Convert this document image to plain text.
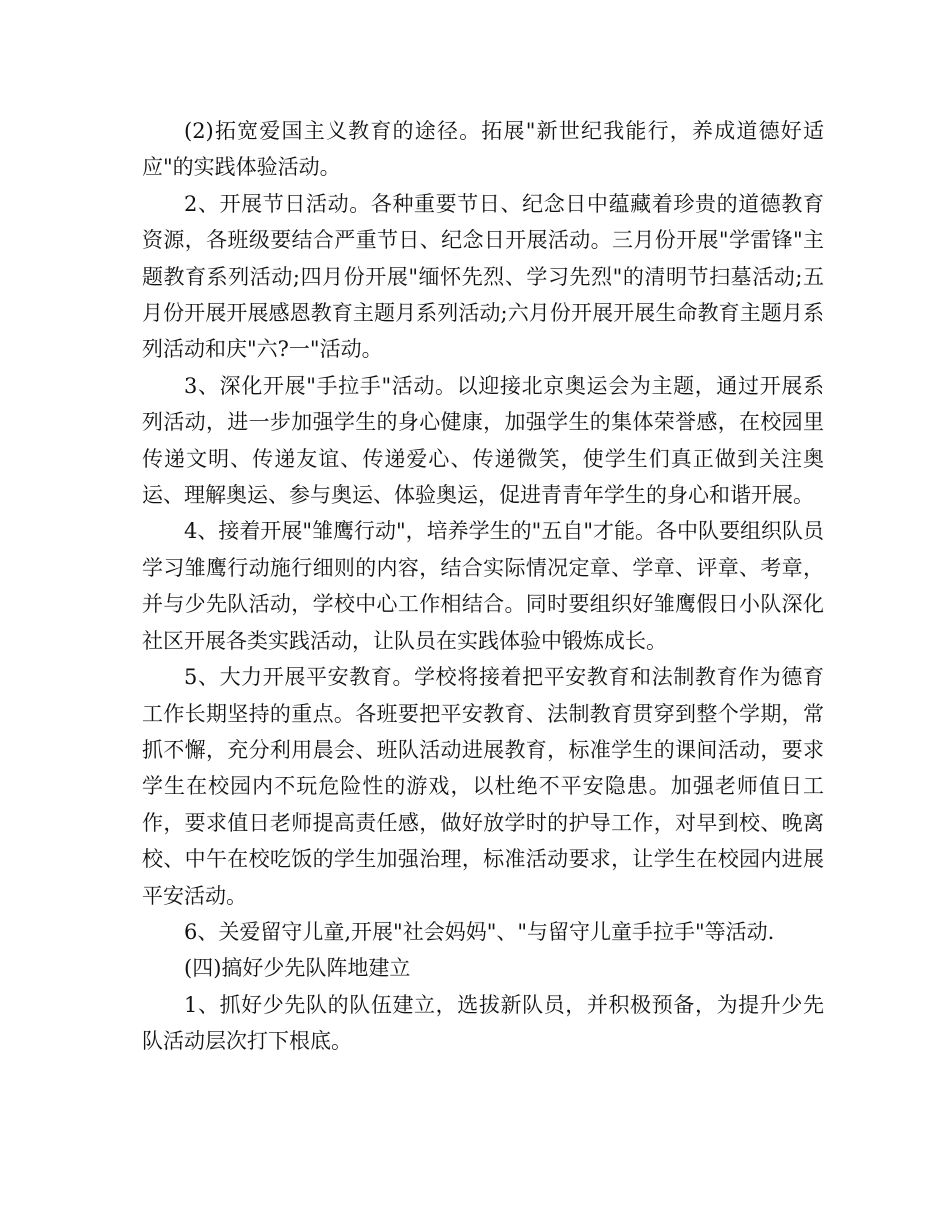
(2)拓宽爱国主义教育的途径。拓展"新世纪我能行，养成道德好适应"的实践体验活动。

2、开展节日活动。各种重要节日、纪念日中蕴藏着珍贵的道德教育资源，各班级要结合严重节日、纪念日开展活动。三月份开展"学雷锋"主题教育系列活动;四月份开展"缅怀先烈、学习先烈"的清明节扫墓活动;五月份开展开展感恩教育主题月系列活动;六月份开展开展生命教育主题月系列活动和庆"六?一"活动。

3、深化开展"手拉手"活动。以迎接北京奥运会为主题，通过开展系列活动，进一步加强学生的身心健康，加强学生的集体荣誉感，在校园里传递文明、传递友谊、传递爱心、传递微笑，使学生们真正做到关注奥运、理解奥运、参与奥运、体验奥运，促进青青年学生的身心和谐开展。

4、接着开展"雏鹰行动"，培养学生的"五自"才能。各中队要组织队员学习雏鹰行动施行细则的内容，结合实际情况定章、学章、评章、考章，并与少先队活动，学校中心工作相结合。同时要组织好雏鹰假日小队深化社区开展各类实践活动，让队员在实践体验中锻炼成长。

5、大力开展平安教育。学校将接着把平安教育和法制教育作为德育工作长期坚持的重点。各班要把平安教育、法制教育贯穿到整个学期，常抓不懈，充分利用晨会、班队活动进展教育，标准学生的课间活动，要求学生在校园内不玩危险性的游戏，以杜绝不平安隐患。加强老师值日工作，要求值日老师提高责任感，做好放学时的护导工作，对早到校、晚离校、中午在校吃饭的学生加强治理，标准活动要求，让学生在校园内进展平安活动。

6、关爱留守儿童,开展"社会妈妈"、"与留守儿童手拉手"等活动.

(四)搞好少先队阵地建立

1、抓好少先队的队伍建立，选拔新队员，并积极预备，为提升少先队活动层次打下根底。
